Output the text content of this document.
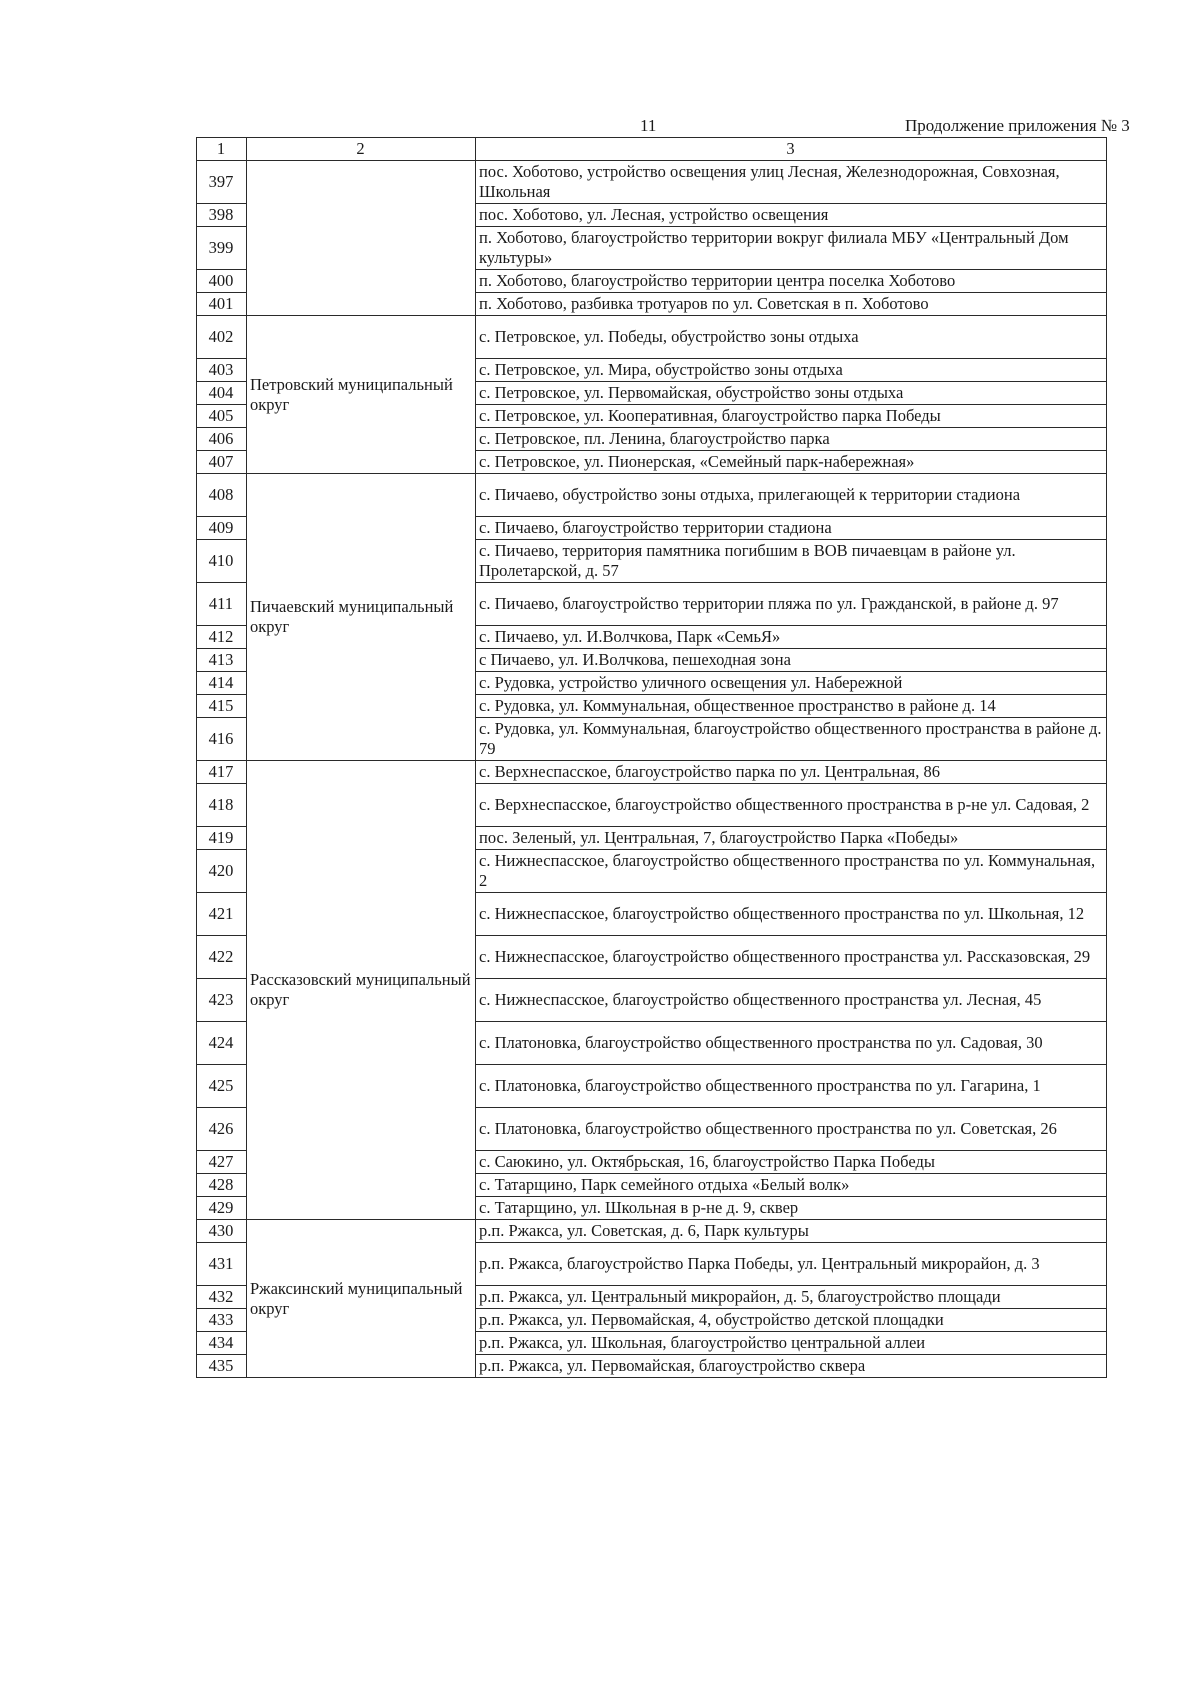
11	Продолжение приложения № 3
1	2	3
397		пос. Хоботово, устройство освещения улиц Лесная, Железнодорожная, Совхозная, Школьная
398		пос. Хоботово, ул. Лесная, устройство освещения
399		п. Хоботово, благоустройство территории вокруг филиала МБУ «Центральный Дом культуры»
400		п. Хоботово, благоустройство территории центра поселка Хоботово
401		п. Хоботово, разбивка тротуаров по ул. Советская в п. Хоботово
402	Петровский муниципальный округ	с. Петровское, ул. Победы, обустройство зоны отдыха
403		с. Петровское, ул. Мира, обустройство зоны отдыха
404		с. Петровское, ул. Первомайская, обустройство зоны отдыха
405		с. Петровское, ул. Кооперативная, благоустройство парка Победы
406		с. Петровское, пл. Ленина, благоустройство парка
407		с. Петровское, ул. Пионерская, «Семейный парк-набережная»
408	Пичаевский муниципальный округ	с. Пичаево, обустройство зоны отдыха, прилегающей к территории стадиона
409		с. Пичаево, благоустройство территории стадиона
410		с. Пичаево, территория памятника погибшим в ВОВ пичаевцам в районе ул. Пролетарской, д. 57
411		с. Пичаево, благоустройство территории пляжа по ул. Гражданской, в районе д. 97
412		с. Пичаево, ул. И.Волчкова, Парк «СемьЯ»
413		с Пичаево, ул. И.Волчкова, пешеходная зона
414		с. Рудовка, устройство уличного освещения ул. Набережной
415		с. Рудовка, ул. Коммунальная, общественное пространство в районе д. 14
416		с. Рудовка, ул. Коммунальная, благоустройство общественного пространства в районе д. 79
417	Рассказовский муниципальный округ	с. Верхнеспасское, благоустройство парка по ул. Центральная, 86
418		с. Верхнеспасское, благоустройство общественного пространства в р-не ул. Садовая, 2
419		пос. Зеленый, ул. Центральная, 7, благоустройство Парка «Победы»
420		с. Нижнеспасское, благоустройство общественного пространства по ул. Коммунальная, 2
421		с. Нижнеспасское, благоустройство общественного пространства по ул. Школьная, 12
422		с. Нижнеспасское, благоустройство общественного пространства ул. Рассказовская, 29
423		с. Нижнеспасское, благоустройство общественного пространства ул. Лесная, 45
424		с. Платоновка, благоустройство общественного пространства по ул. Садовая, 30
425		с. Платоновка, благоустройство общественного пространства по ул. Гагарина, 1
426		с. Платоновка, благоустройство общественного пространства по ул. Советская, 26
427		с. Саюкино, ул. Октябрьская, 16, благоустройство Парка Победы
428		с. Татарщино, Парк семейного отдыха «Белый волк»
429		с. Татарщино, ул. Школьная в р-не д. 9, сквер
430	Ржаксинский муниципальный округ	р.п. Ржакса, ул. Советская, д. 6, Парк культуры
431		р.п. Ржакса, благоустройство Парка Победы, ул. Центральный микрорайон, д. 3
432		р.п. Ржакса, ул. Центральный микрорайон, д. 5, благоустройство площади
433		р.п. Ржакса, ул. Первомайская, 4, обустройство детской площадки
434		р.п. Ржакса, ул. Школьная, благоустройство центральной аллеи
435		р.п. Ржакса, ул. Первомайская, благоустройство сквера
